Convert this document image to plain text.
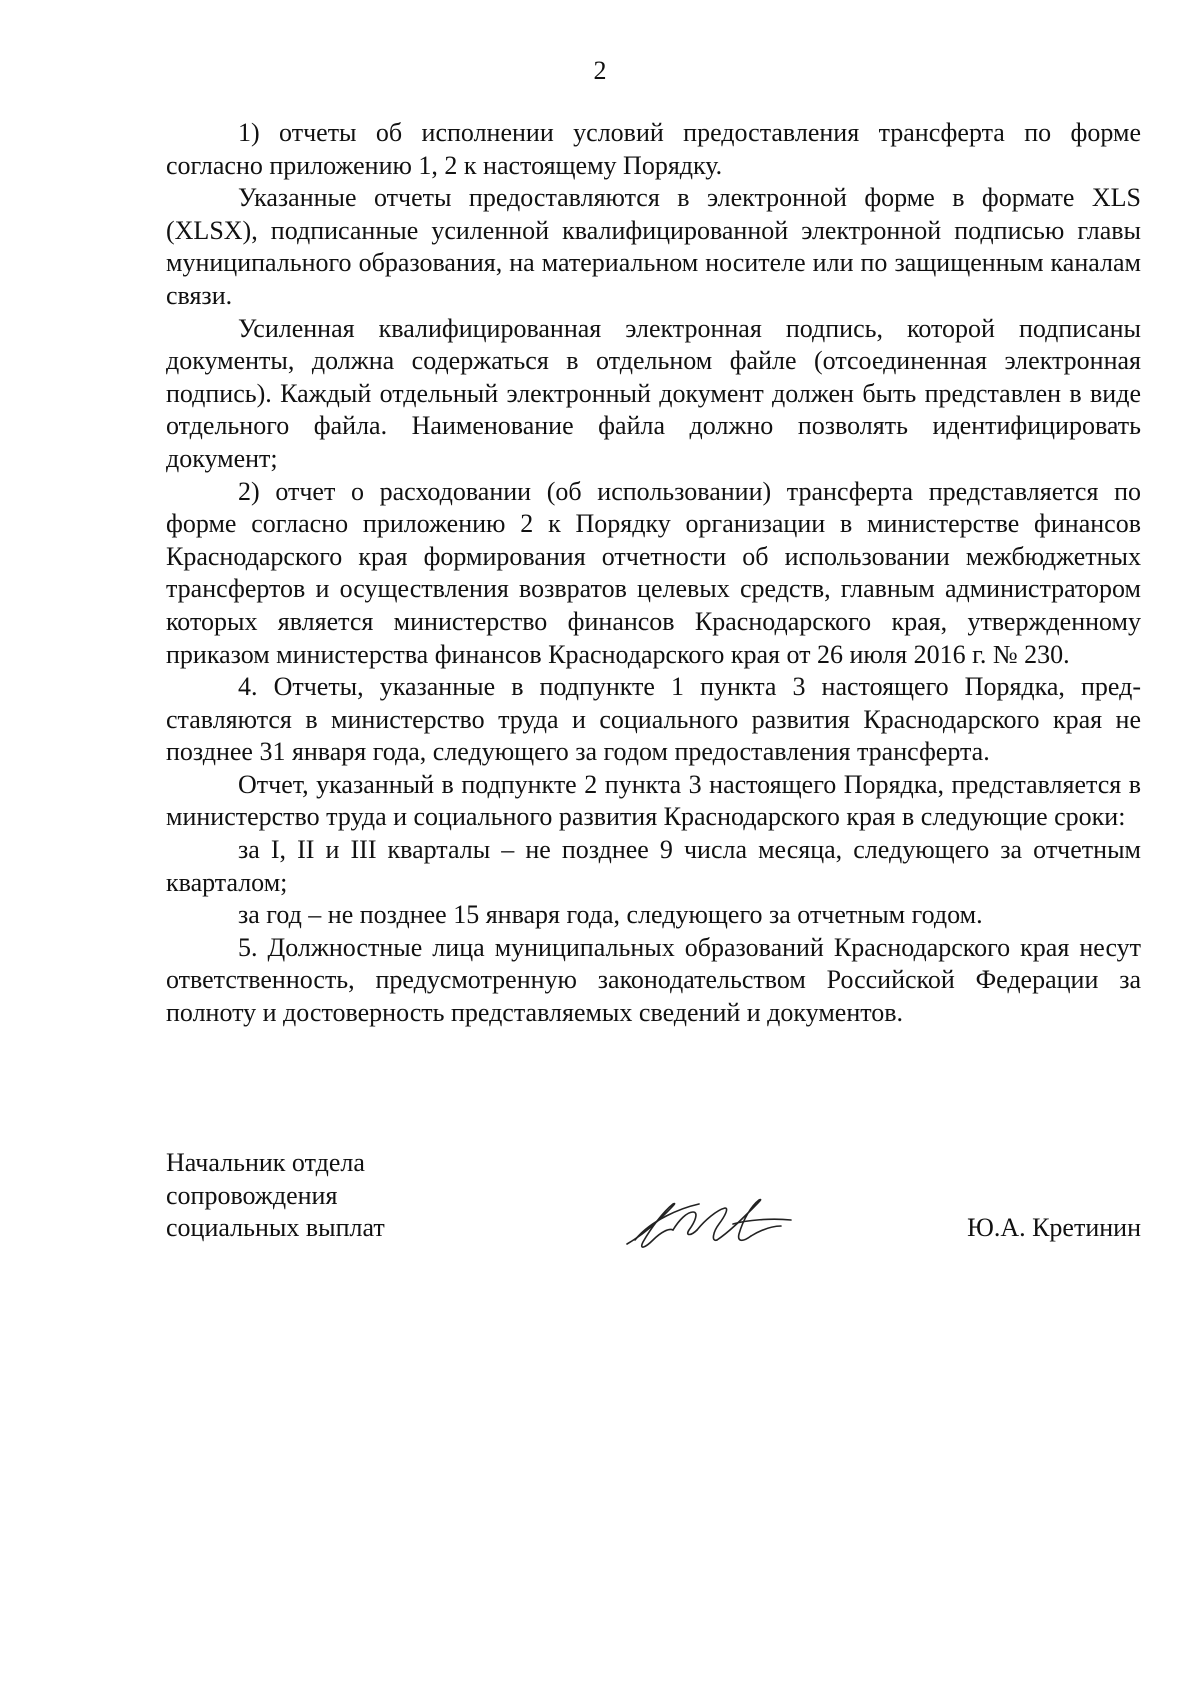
2

1) отчеты об исполнении условий предоставления трансферта по форме согласно приложению 1, 2 к настоящему Порядку.

Указанные отчеты предоставляются в электронной форме в формате XLS (XLSX), подписанные усиленной квалифицированной электронной подписью главы муниципального образования, на материальном носителе или по защищенным каналам связи.

Усиленная квалифицированная электронная подпись, которой подписаны документы, должна содержаться в отдельном файле (отсоединенная электронная подпись). Каждый отдельный электронный документ должен быть представлен в виде отдельного файла. Наименование файла должно позволять идентифицировать документ;

2) отчет о расходовании (об использовании) трансферта представляется по форме согласно приложению 2 к Порядку организации в министерстве финансов Краснодарского края формирования отчетности об использовании межбюджетных трансфертов и осуществления возвратов целевых средств, главным администратором которых является министерство финансов Краснодарского края, утвержденному приказом министерства финансов Краснодарского края от 26 июля 2016 г. № 230.

4. Отчеты, указанные в подпункте 1 пункта 3 настоящего Порядка, представляются в министерство труда и социального развития Краснодарского края не позднее 31 января года, следующего за годом предоставления трансферта.

Отчет, указанный в подпункте 2 пункта 3 настоящего Порядка, представляется в министерство труда и социального развития Краснодарского края в следующие сроки:

за I, II и III кварталы – не позднее 9 числа месяца, следующего за отчетным кварталом;

за год – не позднее 15 января года, следующего за отчетным годом.

5. Должностные лица муниципальных образований Краснодарского края несут ответственность, предусмотренную законодательством Российской Федерации за полноту и достоверность представляемых сведений и документов.

Начальник отдела
сопровождения
социальных выплат	Ю.А. Кретинин
